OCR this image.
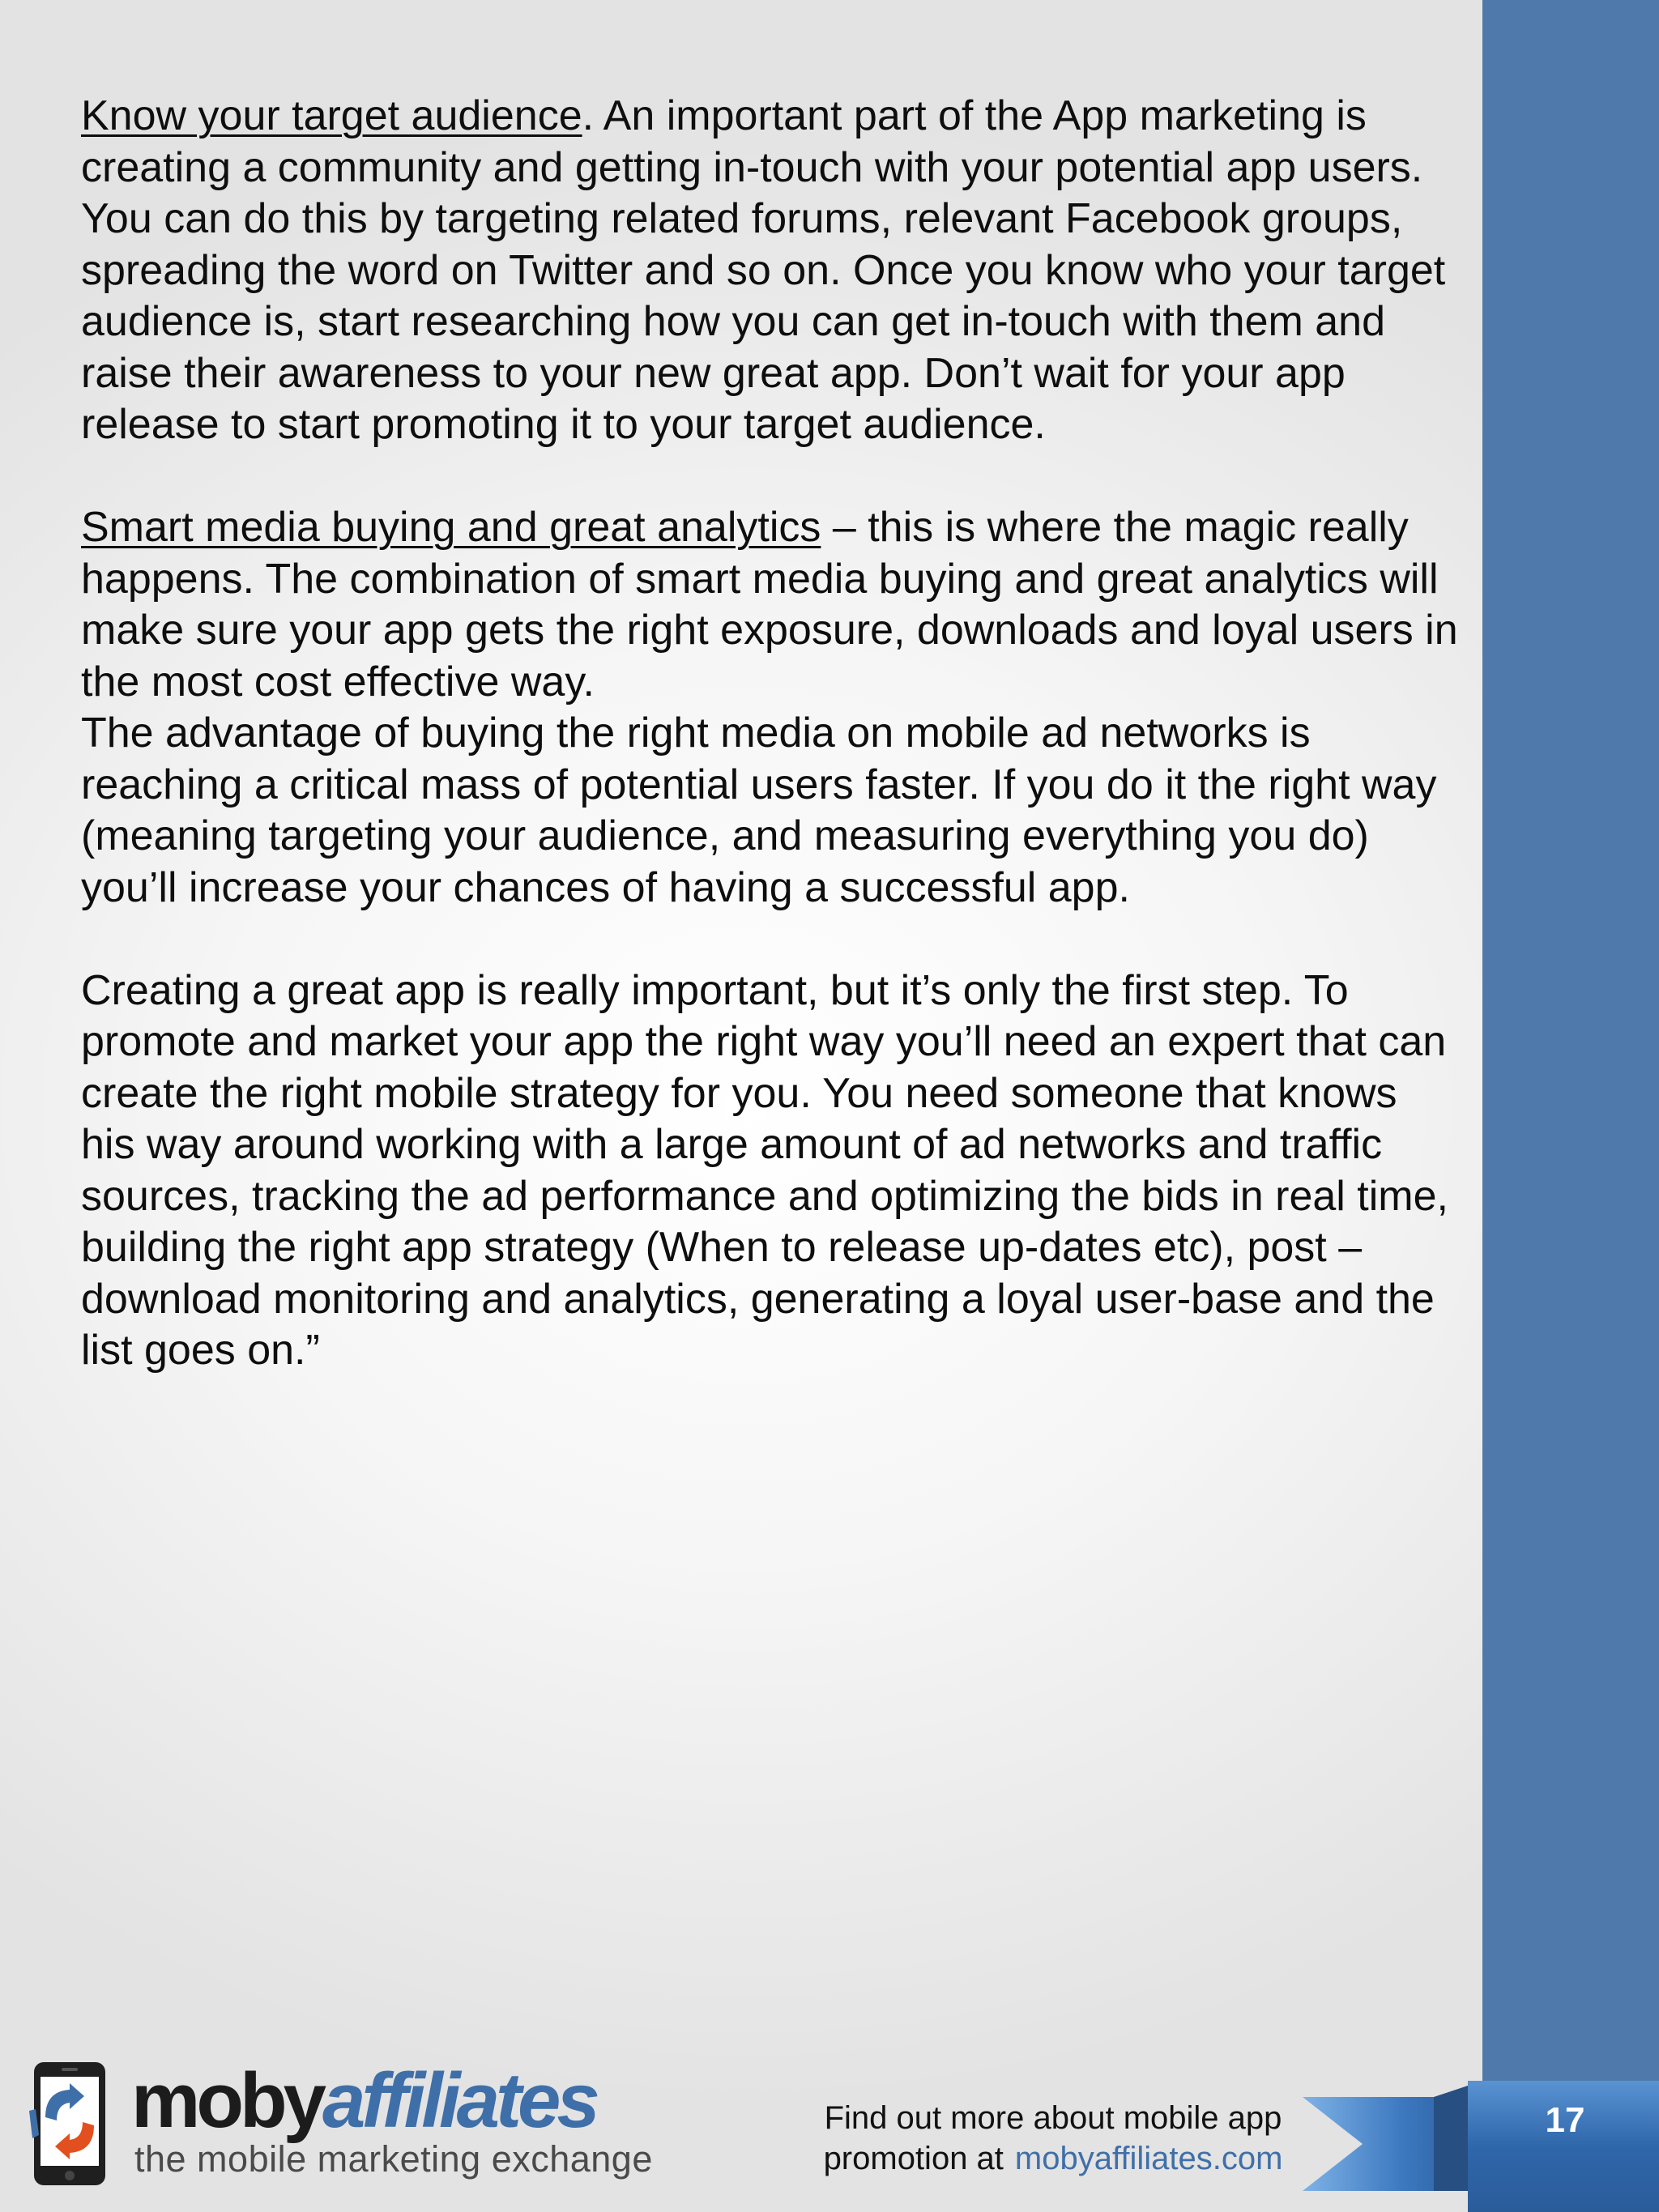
Know your target audience. An important part of the App marketing is creating a community and getting in-touch with your potential app users. You can do this by targeting related forums, relevant Facebook groups, spreading the word on Twitter and so on. Once you know who your target audience is, start researching how you can get in-touch with them and raise their awareness to your new great app. Don’t wait for your app release to start promoting it to your target audience.
Smart media buying and great analytics – this is where the magic really happens. The combination of smart media buying and great analytics will make sure your app gets the right exposure, downloads and loyal users in the most cost effective way.
The advantage of buying the right media on mobile ad networks is reaching a critical mass of potential users faster. If you do it the right way (meaning targeting your audience, and measuring everything you do) you’ll increase your chances of having a successful app.
Creating a great app is really important, but it’s only the first step. To promote and market your app the right way you’ll need an expert that can create the right mobile strategy for you. You need someone that knows his way around working with a large amount of ad networks and traffic sources, tracking the ad performance and optimizing the bids in real time, building the right app strategy (When to release up-dates etc), post – download monitoring and analytics, generating a loyal user-base and the list goes on.”
mobyaffiliates
the mobile marketing exchange
Find out more about mobile app
promotion at mobyaffiliates.com
17
